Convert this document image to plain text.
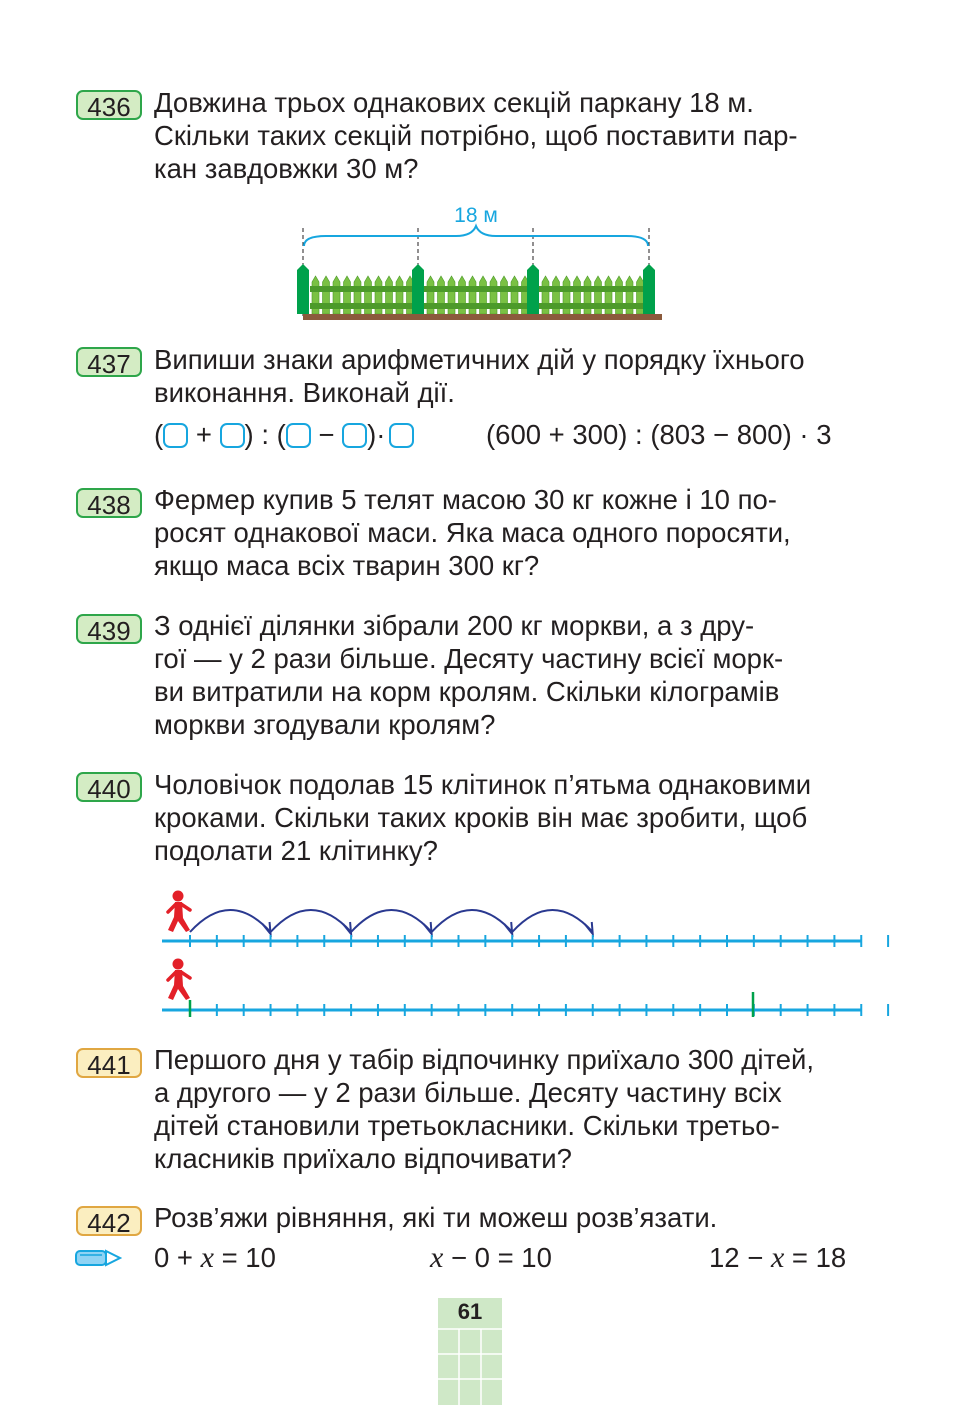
436 Довжина трьох однакових секцій паркану 18 м.

Скільки таких секцій потрібно, щоб поставити пар-

кан завдовжки 30 м?

18 м
437 Випиши знаки арифметичних дій у порядку їхнього

виконання. Виконай дії.

( + ) : ( − )·	(600 + 300) : (803 − 800) · 3
438 Фермер купив 5 телят масою 30 кг кожне і 10 по-

росят однакової маси. Яка маса одного поросяти,

якщо маса всіх тварин 300 кг?

439 З однієї ділянки зібрали 200 кг моркви, а з дру-

гої — у 2 рази більше. Десяту частину всієї морк-

ви витратили на корм кролям. Скільки кілограмів

моркви згодували кролям?

440 Чоловічок подолав 15 клітинок п’ятьма однаковими

кроками. Скільки таких кроків він має зробити, щоб

подолати 21 клітинку?

441 Першого дня у табір відпочинку приїхало 300 дітей,

а другого — у 2 рази більше. Десяту частину всіх

дітей становили третьокласники. Скільки третьо-

класників приїхало відпочивати?

442 Розв’яжи рівняння, які ти можеш розв’язати.
0 + x = 10	x − 0 = 10	12 − x = 18
61
